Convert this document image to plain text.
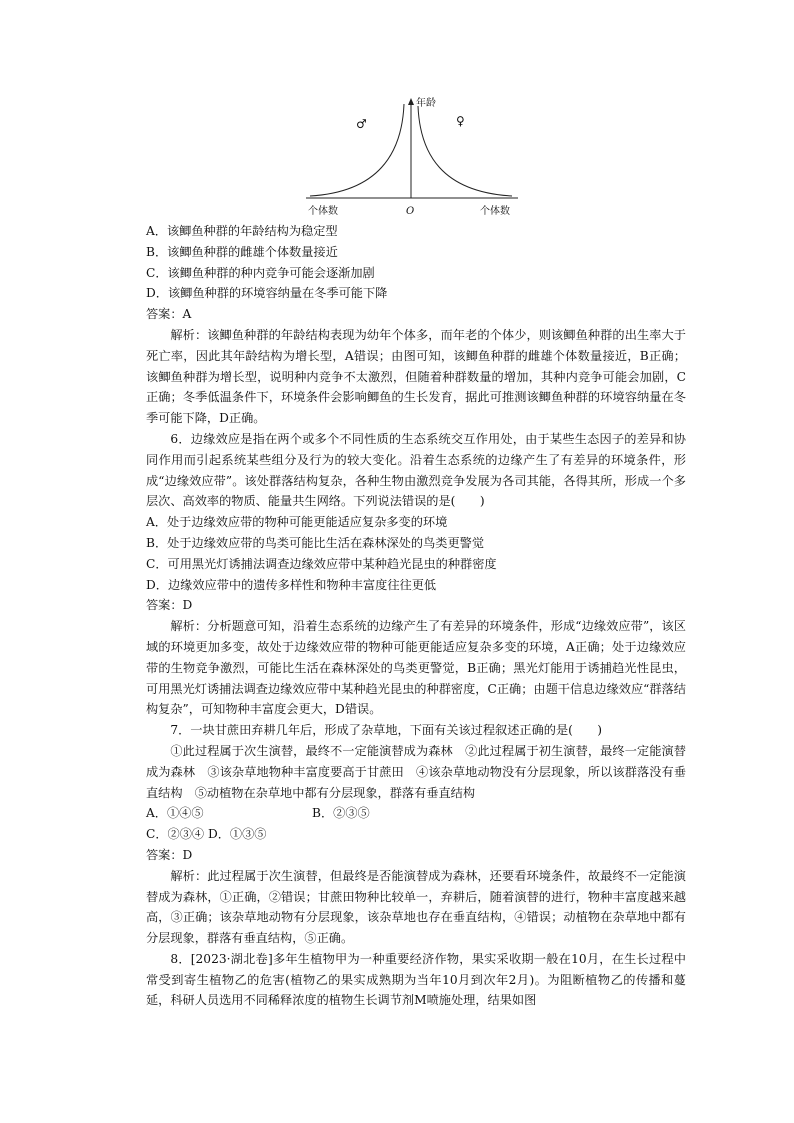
年龄
♂	♀
个体数	O	个体数

A．该鲫鱼种群的年龄结构为稳定型

B．该鲫鱼种群的雌雄个体数量接近

C．该鲫鱼种群的种内竞争可能会逐渐加剧

D．该鲫鱼种群的环境容纳量在冬季可能下降

答案：A

解析：该鲫鱼种群的年龄结构表现为幼年个体多，而年老的个体少，则该鲫鱼种群的出生率大于死亡率，因此其年龄结构为增长型，A错误；由图可知，该鲫鱼种群的雌雄个体数量接近，B正确；该鲫鱼种群为增长型，说明种内竞争不太激烈，但随着种群数量的增加，其种内竞争可能会加剧，C正确；冬季低温条件下，环境条件会影响鲫鱼的生长发育，据此可推测该鲫鱼种群的环境容纳量在冬季可能下降，D正确。

6．边缘效应是指在两个或多个不同性质的生态系统交互作用处，由于某些生态因子的差异和协同作用而引起系统某些组分及行为的较大变化。沿着生态系统的边缘产生了有差异的环境条件，形成“边缘效应带”。该处群落结构复杂，各种生物由激烈竞争发展为各司其能，各得其所，形成一个多层次、高效率的物质、能量共生网络。下列说法错误的是(　　)

A．处于边缘效应带的物种可能更能适应复杂多变的环境

B．处于边缘效应带的鸟类可能比生活在森林深处的鸟类更警觉

C．可用黑光灯诱捕法调查边缘效应带中某种趋光昆虫的种群密度

D．边缘效应带中的遗传多样性和物种丰富度往往更低

答案：D

解析：分析题意可知，沿着生态系统的边缘产生了有差异的环境条件，形成“边缘效应带”，该区域的环境更加多变，故处于边缘效应带的物种可能更能适应复杂多变的环境，A正确；处于边缘效应带的生物竞争激烈，可能比生活在森林深处的鸟类更警觉，B正确；黑光灯能用于诱捕趋光性昆虫，可用黑光灯诱捕法调查边缘效应带中某种趋光昆虫的种群密度，C正确；由题干信息边缘效应“群落结构复杂”，可知物种丰富度会更大，D错误。

7．一块甘蔗田弃耕几年后，形成了杂草地，下面有关该过程叙述正确的是(　　)

①此过程属于次生演替，最终不一定能演替成为森林　②此过程属于初生演替，最终一定能演替成为森林　③该杂草地物种丰富度要高于甘蔗田　④该杂草地动物没有分层现象，所以该群落没有垂直结构　⑤动植物在杂草地中都有分层现象，群落有垂直结构

A．①④⑤	B．②③⑤

C．②③④ D．①③⑤

答案：D

解析：此过程属于次生演替，但最终是否能演替成为森林，还要看环境条件，故最终不一定能演替成为森林，①正确，②错误；甘蔗田物种比较单一，弃耕后，随着演替的进行，物种丰富度越来越高，③正确；该杂草地动物有分层现象，该杂草地也存在垂直结构，④错误；动植物在杂草地中都有分层现象，群落有垂直结构，⑤正确。

8．[2023·湖北卷]多年生植物甲为一种重要经济作物，果实采收期一般在10月，在生长过程中常受到寄生植物乙的危害(植物乙的果实成熟期为当年10月到次年2月)。为阻断植物乙的传播和蔓延，科研人员选用不同稀释浓度的植物生长调节剂M喷施处理，结果如图
